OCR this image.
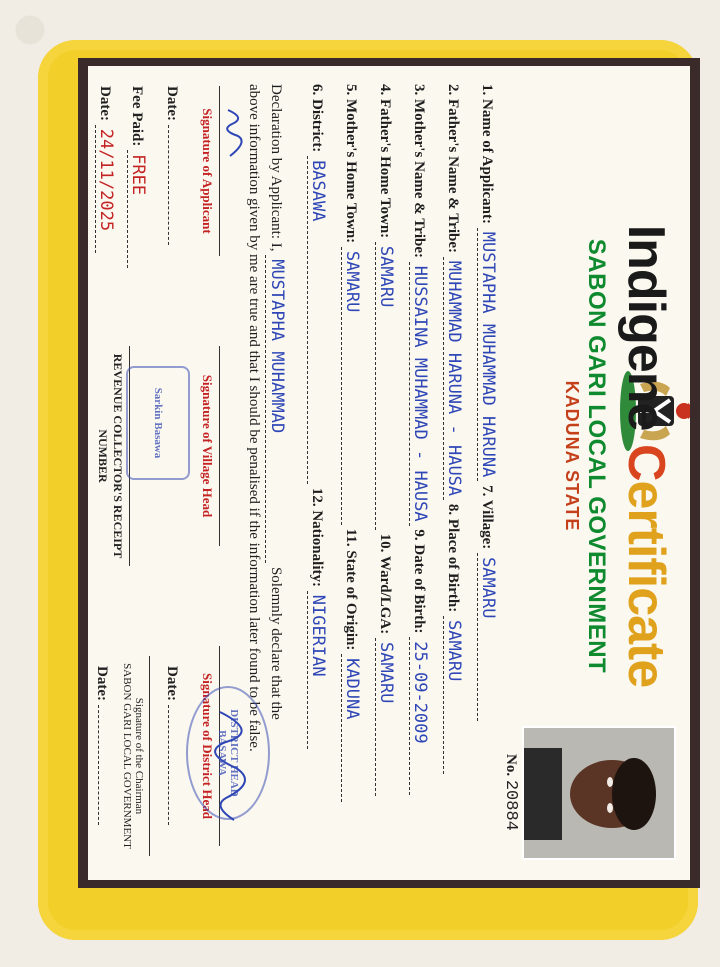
Indigene Certificate
SABON GARI LOCAL GOVERNMENT
KADUNA STATE
No. 20884
1. Name of Applicant: MUSTAPHA MUHAMMAD HARUNA 7. Village: SAMARU
2. Father's Name & Tribe: MUHAMMAD HARUNA - HAUSA 8. Place of Birth: SAMARU
3. Mother's Name & Tribe: HUSSAINA MUHAMMAD - HAUSA 9. Date of Birth: 25-09-2009
4. Father's Home Town: SAMARU 10. Ward/LGA: SAMARU
5. Mother's Home Town: SAMARU 11. State of Origin: KADUNA
6. District: BASAWA 12. Nationality: NIGERIAN
Declaration by Applicant: I, MUSTAPHA MUHAMMAD Solemnly declare that the
above information given by me are true and that I should be penalised if the information later found to be false.
Signature of Applicant
Signature of Village Head
Signature of District Head
Date:
Date:
Fee Paid: FREE
REVENUE COLLECTOR'S RECEIPT NUMBER
Signature of the Chairman
SABON GARI LOCAL GOVERNMENT
Date: 24/11/2025
Date:
DISTRICT HEAD BASAWA
Sarkin Basawa
